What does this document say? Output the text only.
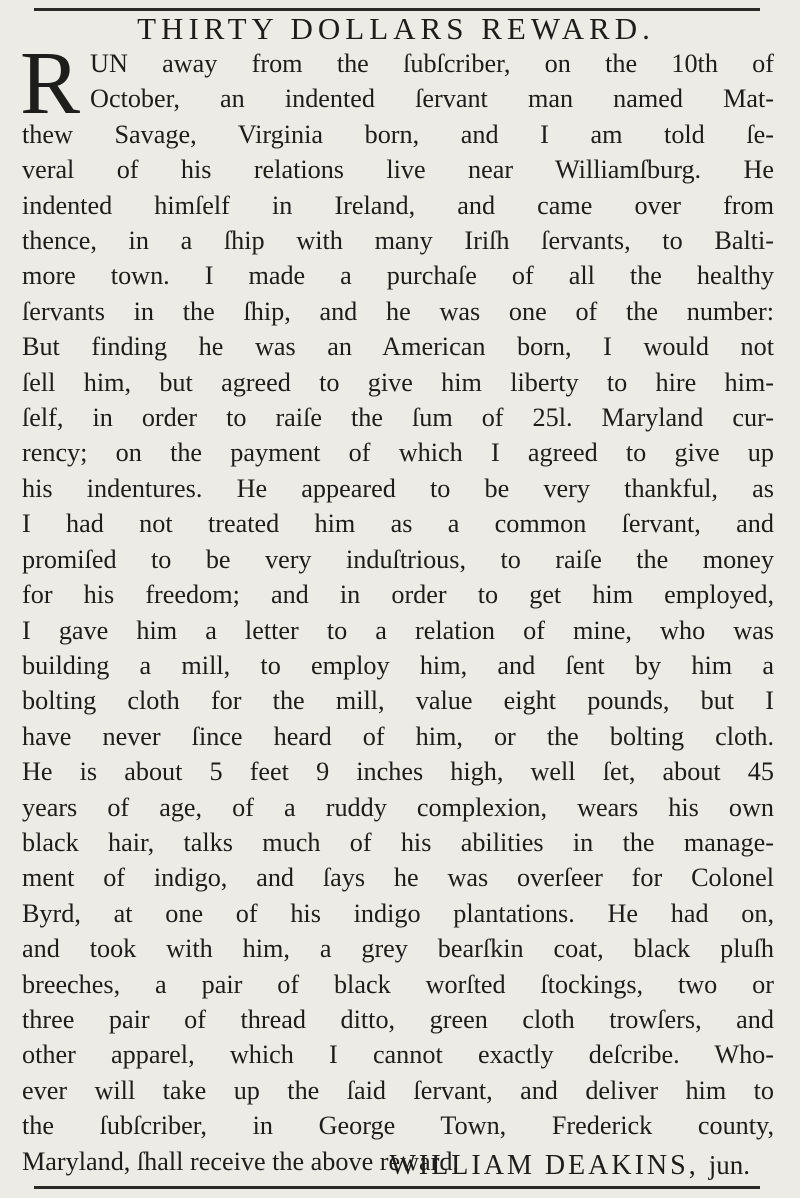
THIRTY DOLLARS REWARD.
R UN away from the ſubſcriber, on the 10th of
October, an indented ſervant man named Mat-
thew Savage, Virginia born, and I am told ſe-
veral of his relations live near Williamſburg. He
indented himſelf in Ireland, and came over from
thence, in a ſhip with many Iriſh ſervants, to Balti-
more town. I made a purchaſe of all the healthy
ſervants in the ſhip, and he was one of the number:
But finding he was an American born, I would not
ſell him, but agreed to give him liberty to hire him-
ſelf, in order to raiſe the ſum of 25l. Maryland cur-
rency; on the payment of which I agreed to give up
his indentures. He appeared to be very thankful, as
I had not treated him as a common ſervant, and
promiſed to be very induſtrious, to raiſe the money
for his freedom; and in order to get him employed,
I gave him a letter to a relation of mine, who was
building a mill, to employ him, and ſent by him a
bolting cloth for the mill, value eight pounds, but I
have never ſince heard of him, or the bolting cloth.
He is about 5 feet 9 inches high, well ſet, about 45
years of age, of a ruddy complexion, wears his own
black hair, talks much of his abilities in the manage-
ment of indigo, and ſays he was overſeer for Colonel
Byrd, at one of his indigo plantations. He had on,
and took with him, a grey bearſkin coat, black pluſh
breeches, a pair of black worſted ſtockings, two or
three pair of thread ditto, green cloth trowſers, and
other apparel, which I cannot exactly deſcribe. Who-
ever will take up the ſaid ſervant, and deliver him to
the ſubſcriber, in George Town, Frederick county,
Maryland, ſhall receive the above reward.
WILLIAM DEAKINS, jun.
